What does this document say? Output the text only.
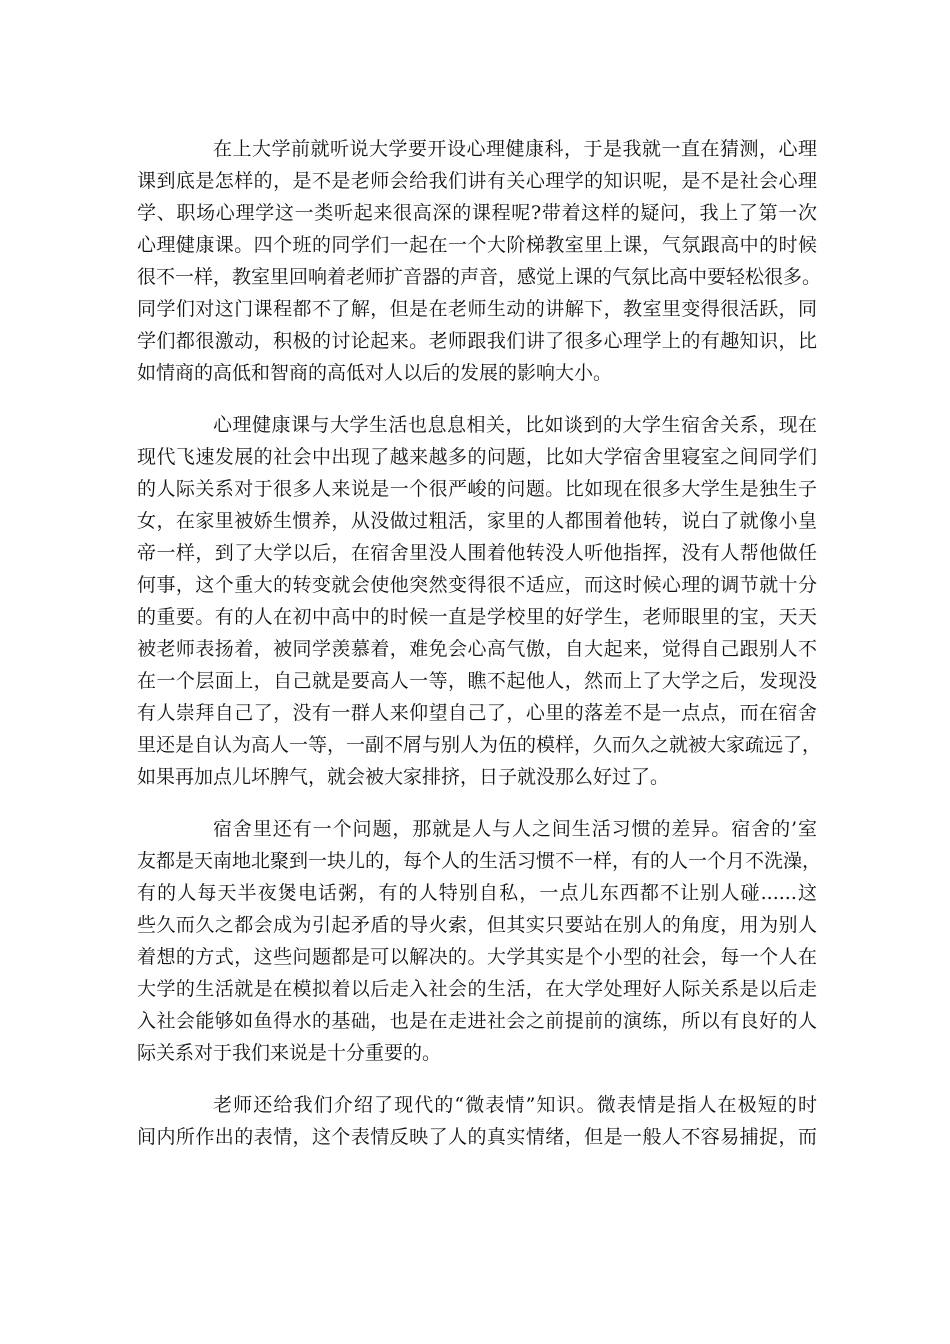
在上大学前就听说大学要开设心理健康科，于是我就一直在猜测，心理
课到底是怎样的，是不是老师会给我们讲有关心理学的知识呢，是不是社会心理
学、职场心理学这一类听起来很高深的课程呢?带着这样的疑问，我上了第一次
心理健康课。四个班的同学们一起在一个大阶梯教室里上课，气氛跟高中的时候
很不一样，教室里回响着老师扩音器的声音，感觉上课的气氛比高中要轻松很多。
同学们对这门课程都不了解，但是在老师生动的讲解下，教室里变得很活跃，同
学们都很激动，积极的讨论起来。老师跟我们讲了很多心理学上的有趣知识，比
如情商的高低和智商的高低对人以后的发展的影响大小。
心理健康课与大学生活也息息相关，比如谈到的大学生宿舍关系，现在
现代飞速发展的社会中出现了越来越多的问题，比如大学宿舍里寝室之间同学们
的人际关系对于很多人来说是一个很严峻的问题。比如现在很多大学生是独生子
女，在家里被娇生惯养，从没做过粗活，家里的人都围着他转，说白了就像小皇
帝一样，到了大学以后，在宿舍里没人围着他转没人听他指挥，没有人帮他做任
何事，这个重大的转变就会使他突然变得很不适应，而这时候心理的调节就十分
的重要。有的人在初中高中的时候一直是学校里的好学生，老师眼里的宝，天天
被老师表扬着，被同学羡慕着，难免会心高气傲，自大起来，觉得自己跟别人不
在一个层面上，自己就是要高人一等，瞧不起他人，然而上了大学之后，发现没
有人崇拜自己了，没有一群人来仰望自己了，心里的落差不是一点点，而在宿舍
里还是自认为高人一等，一副不屑与别人为伍的模样，久而久之就被大家疏远了，
如果再加点儿坏脾气，就会被大家排挤，日子就没那么好过了。
宿舍里还有一个问题，那就是人与人之间生活习惯的差异。宿舍的’室
友都是天南地北聚到一块儿的，每个人的生活习惯不一样，有的人一个月不洗澡，
有的人每天半夜煲电话粥，有的人特别自私，一点儿东西都不让别人碰......这
些久而久之都会成为引起矛盾的导火索，但其实只要站在别人的角度，用为别人
着想的方式，这些问题都是可以解决的。大学其实是个小型的社会，每一个人在
大学的生活就是在模拟着以后走入社会的生活，在大学处理好人际关系是以后走
入社会能够如鱼得水的基础，也是在走进社会之前提前的演练，所以有良好的人
际关系对于我们来说是十分重要的。
老师还给我们介绍了现代的“微表情”知识。微表情是指人在极短的时
间内所作出的表情，这个表情反映了人的真实情绪，但是一般人不容易捕捉，而
